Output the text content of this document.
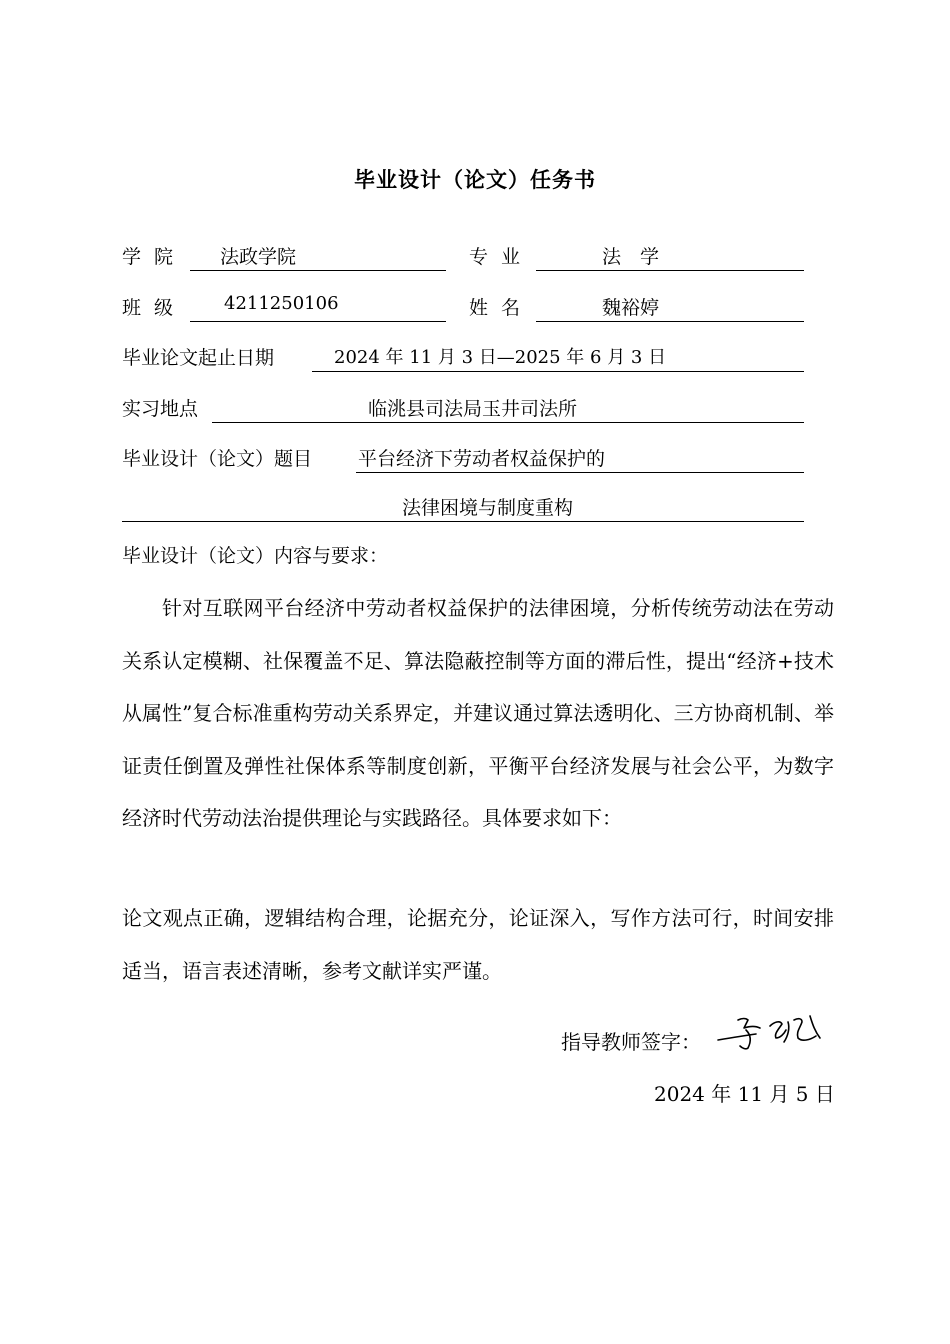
毕业设计（论文）任务书
学院 法政学院	专业	法　学
班级 4211250106	姓名	魏裕婷
毕业论文起止日期	2024 年 11 月 3 日—2025 年 6 月 3 日
实习地点	临洮县司法局玉井司法所
毕业设计（论文）题目 平台经济下劳动者权益保护的
法律困境与制度重构
毕业设计（论文）内容与要求：

针对互联网平台经济中劳动者权益保护的法律困境，分析传统劳动法在劳动关系认定模糊、社保覆盖不足、算法隐蔽控制等方面的滞后性，提出“经济+技术从属性”复合标准重构劳动关系界定，并建议通过算法透明化、三方协商机制、举证责任倒置及弹性社保体系等制度创新，平衡平台经济发展与社会公平，为数字经济时代劳动法治提供理论与实践路径。具体要求如下：

论文观点正确，逻辑结构合理，论据充分，论证深入，写作方法可行，时间安排适当，语言表述清晰，参考文献详实严谨。

指导教师签字：
2024 年 11 月 5 日
